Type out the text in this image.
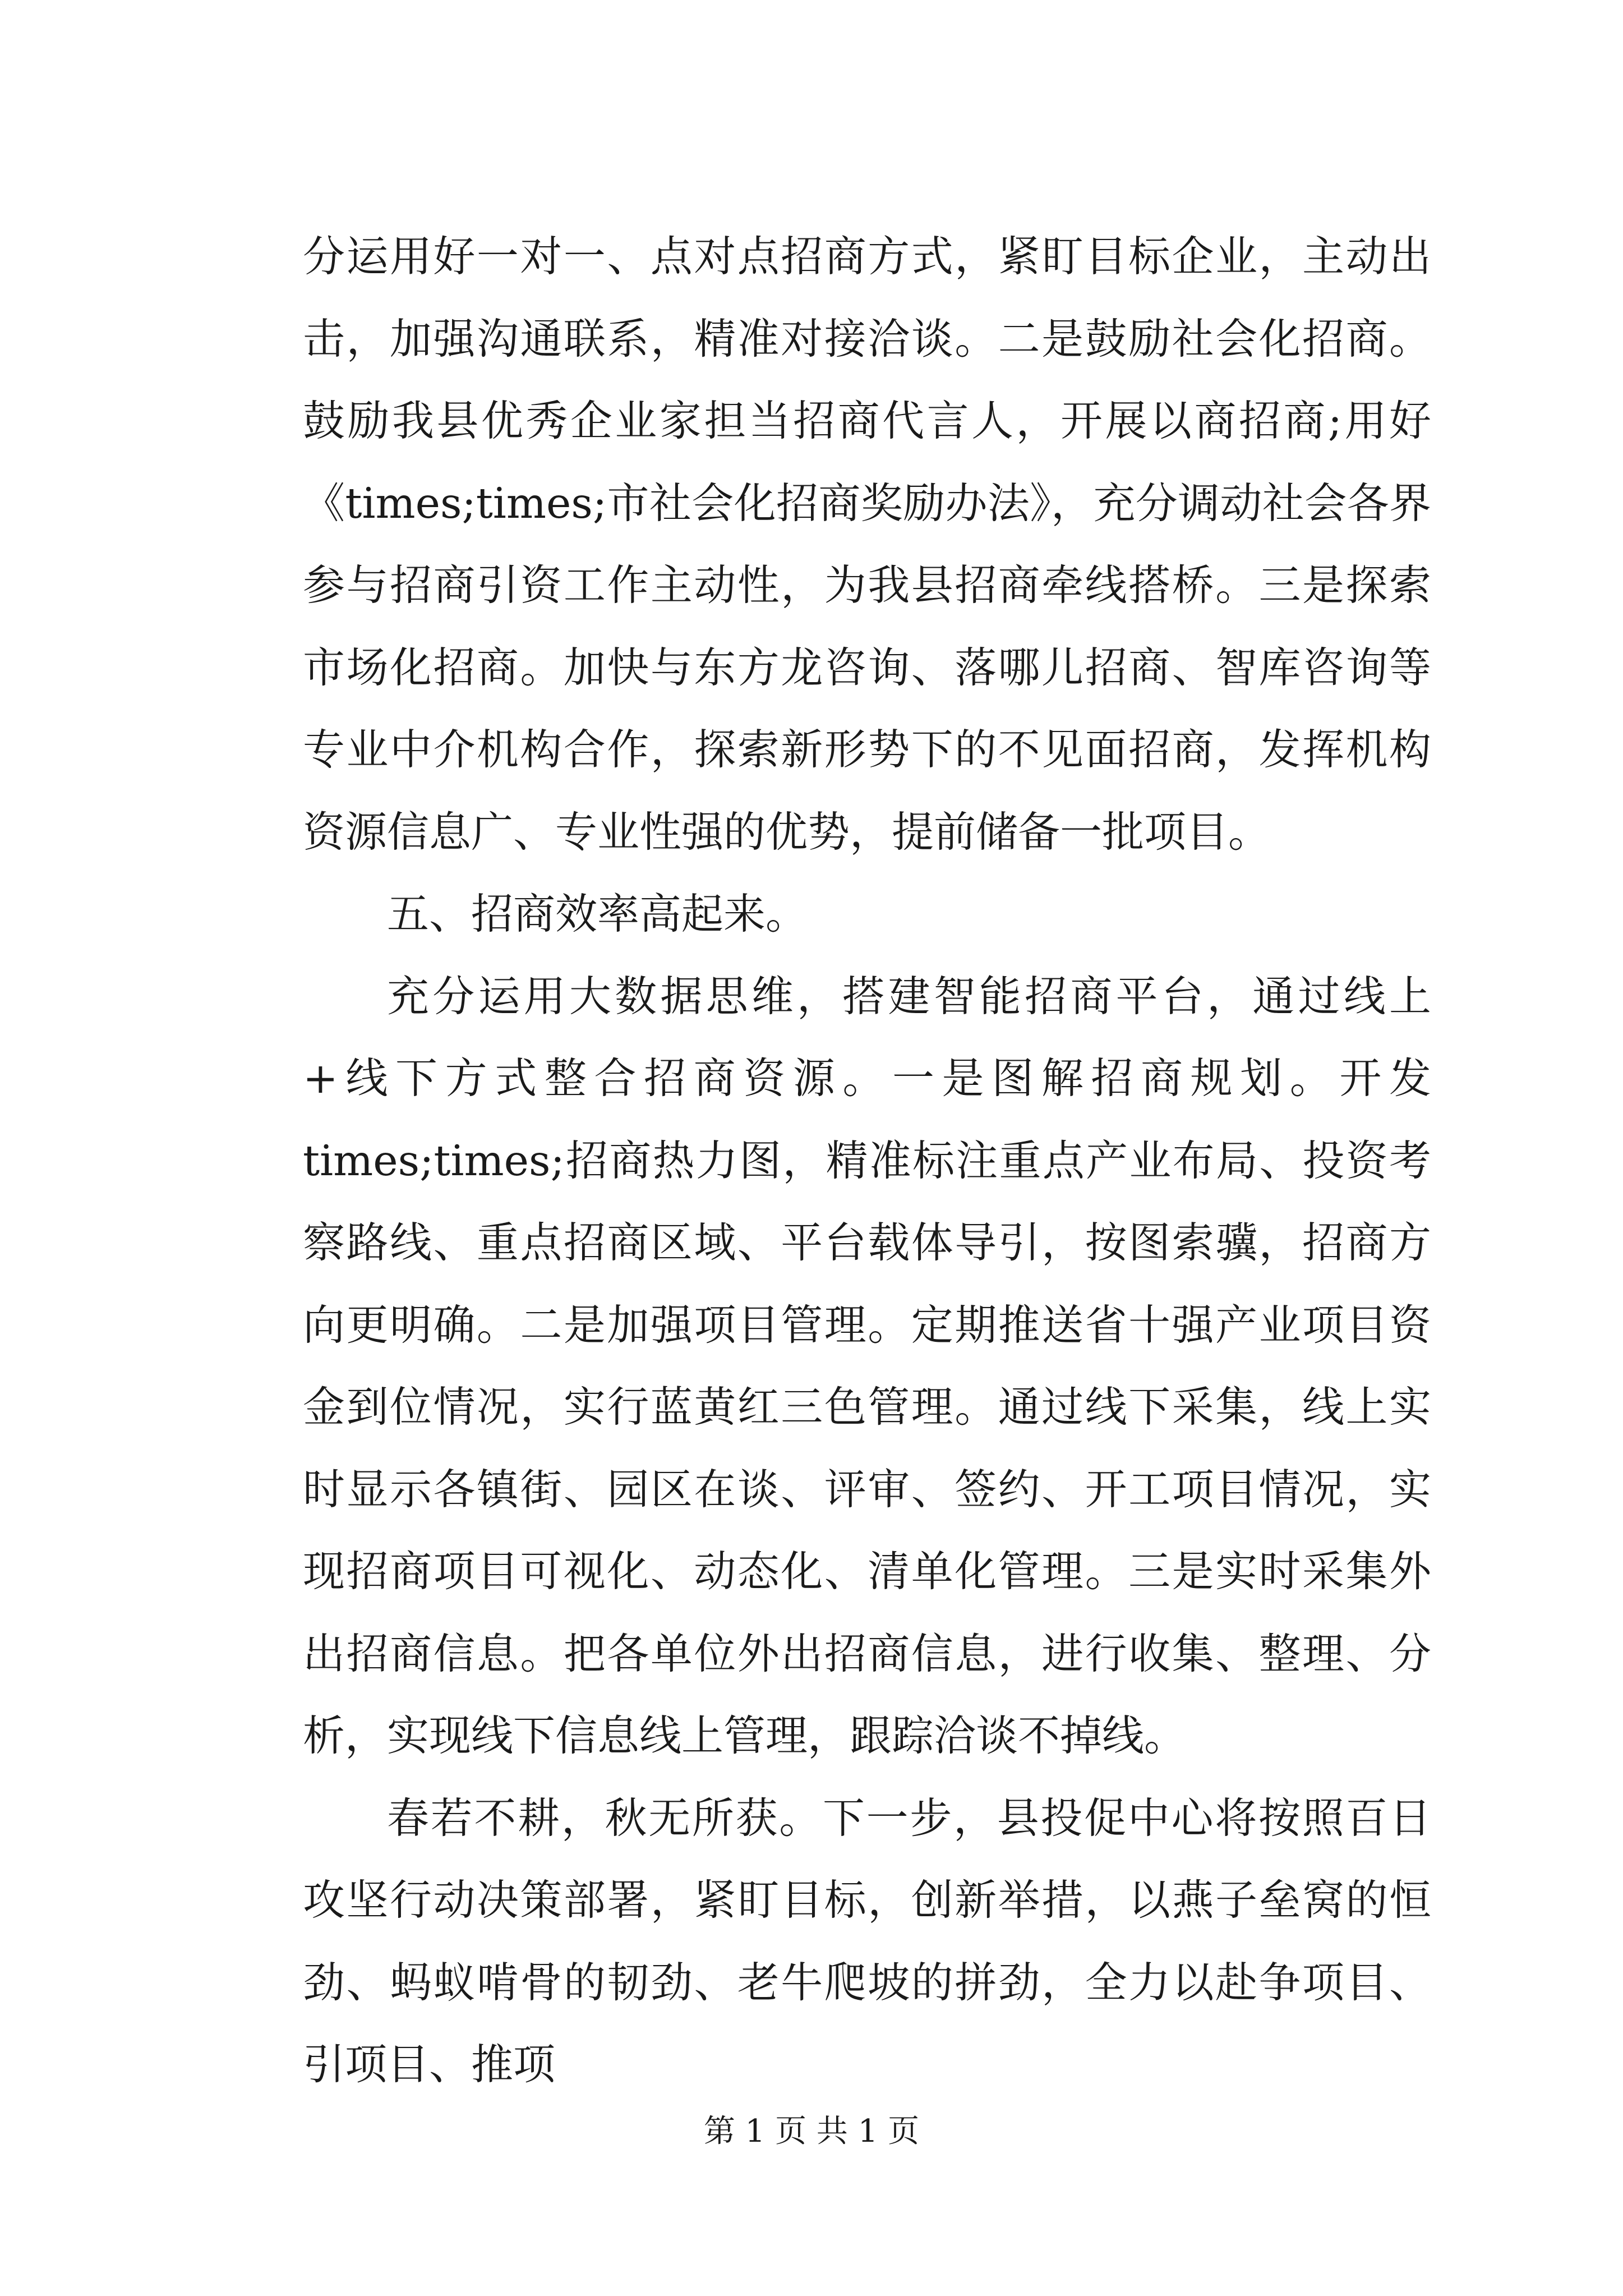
分运用好一对一、点对点招商方式，紧盯目标企业，主动出击，加强沟通联系，精准对接洽谈。二是鼓励社会化招商。鼓励我县优秀企业家担当招商代言人，开展以商招商;用好《times;times;市社会化招商奖励办法》，充分调动社会各界参与招商引资工作主动性，为我县招商牵线搭桥。三是探索市场化招商。加快与东方龙咨询、落哪儿招商、智库咨询等专业中介机构合作，探索新形势下的不见面招商，发挥机构资源信息广、专业性强的优势，提前储备一批项目。

五、招商效率高起来。

充分运用大数据思维，搭建智能招商平台，通过线上+线下方式整合招商资源。一是图解招商规划。开发 times;times;招商热力图，精准标注重点产业布局、投资考察路线、重点招商区域、平台载体导引，按图索骥，招商方向更明确。二是加强项目管理。定期推送省十强产业项目资金到位情况，实行蓝黄红三色管理。通过线下采集，线上实时显示各镇街、园区在谈、评审、签约、开工项目情况，实现招商项目可视化、动态化、清单化管理。三是实时采集外出招商信息。把各单位外出招商信息，进行收集、整理、分析，实现线下信息线上管理，跟踪洽谈不掉线。

春若不耕，秋无所获。下一步，县投促中心将按照百日攻坚行动决策部署，紧盯目标，创新举措，以燕子垒窝的恒劲、蚂蚁啃骨的韧劲、老牛爬坡的拼劲，全力以赴争项目、引项目、推项

第 1 页 共 1 页
